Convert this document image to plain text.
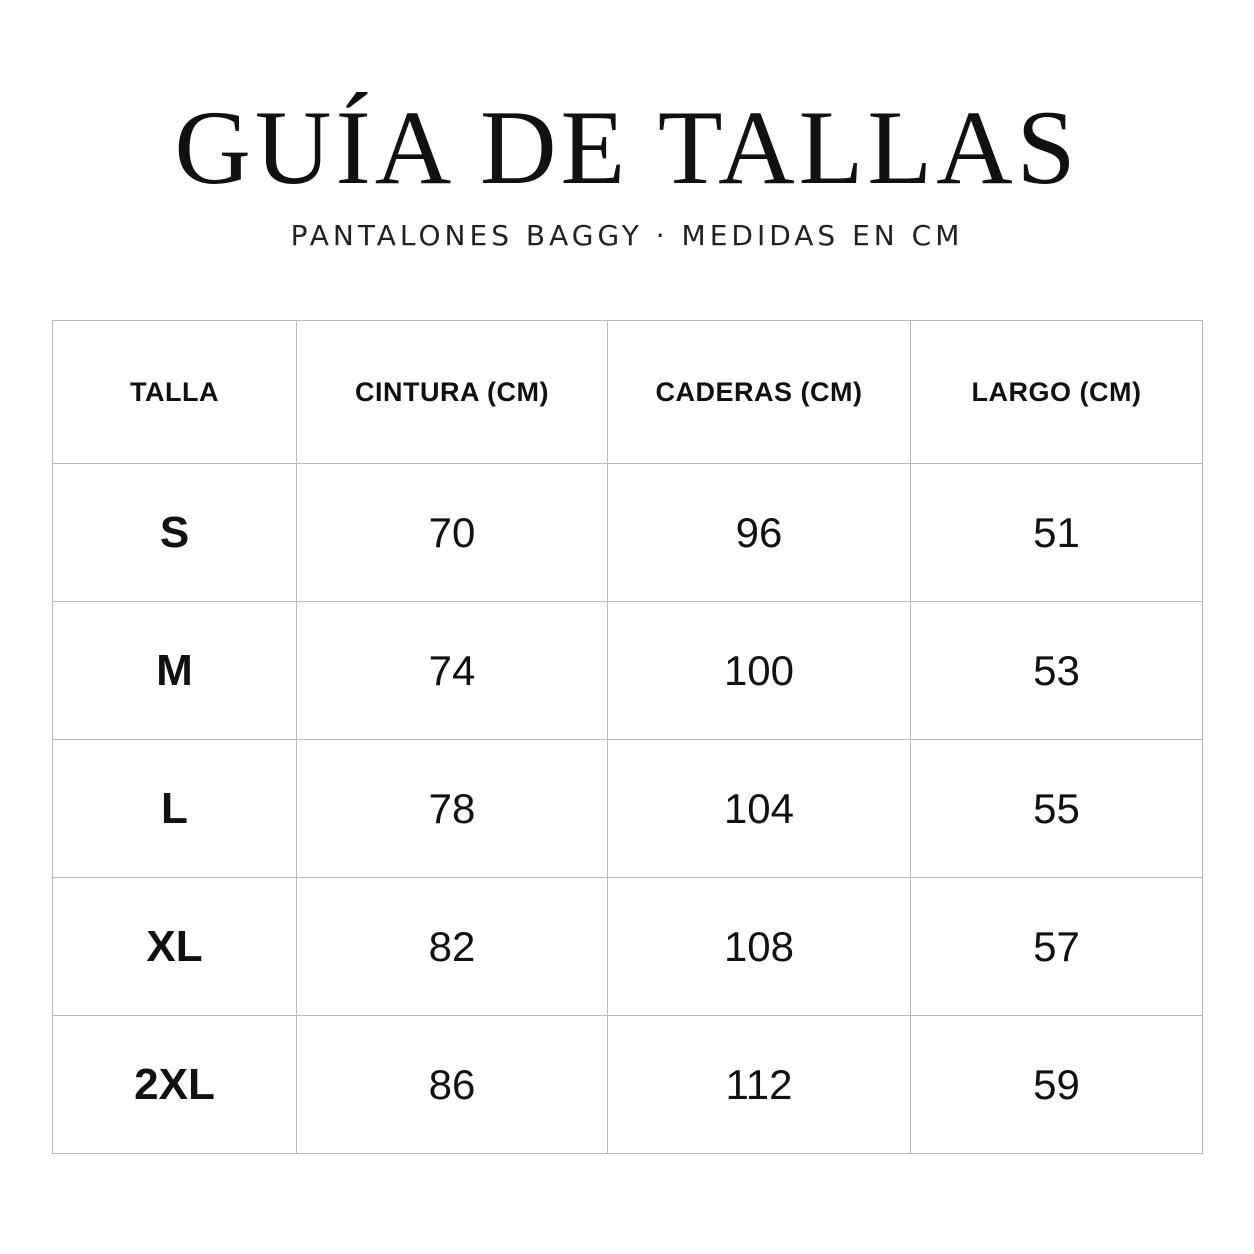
GUÍA DE TALLAS
PANTALONES BAGGY · MEDIDAS EN CM
TALLA	CINTURA (CM)	CADERAS (CM)	LARGO (CM)
S	70	96	51
M	74	100	53
L	78	104	55
XL	82	108	57
2XL	86	112	59
